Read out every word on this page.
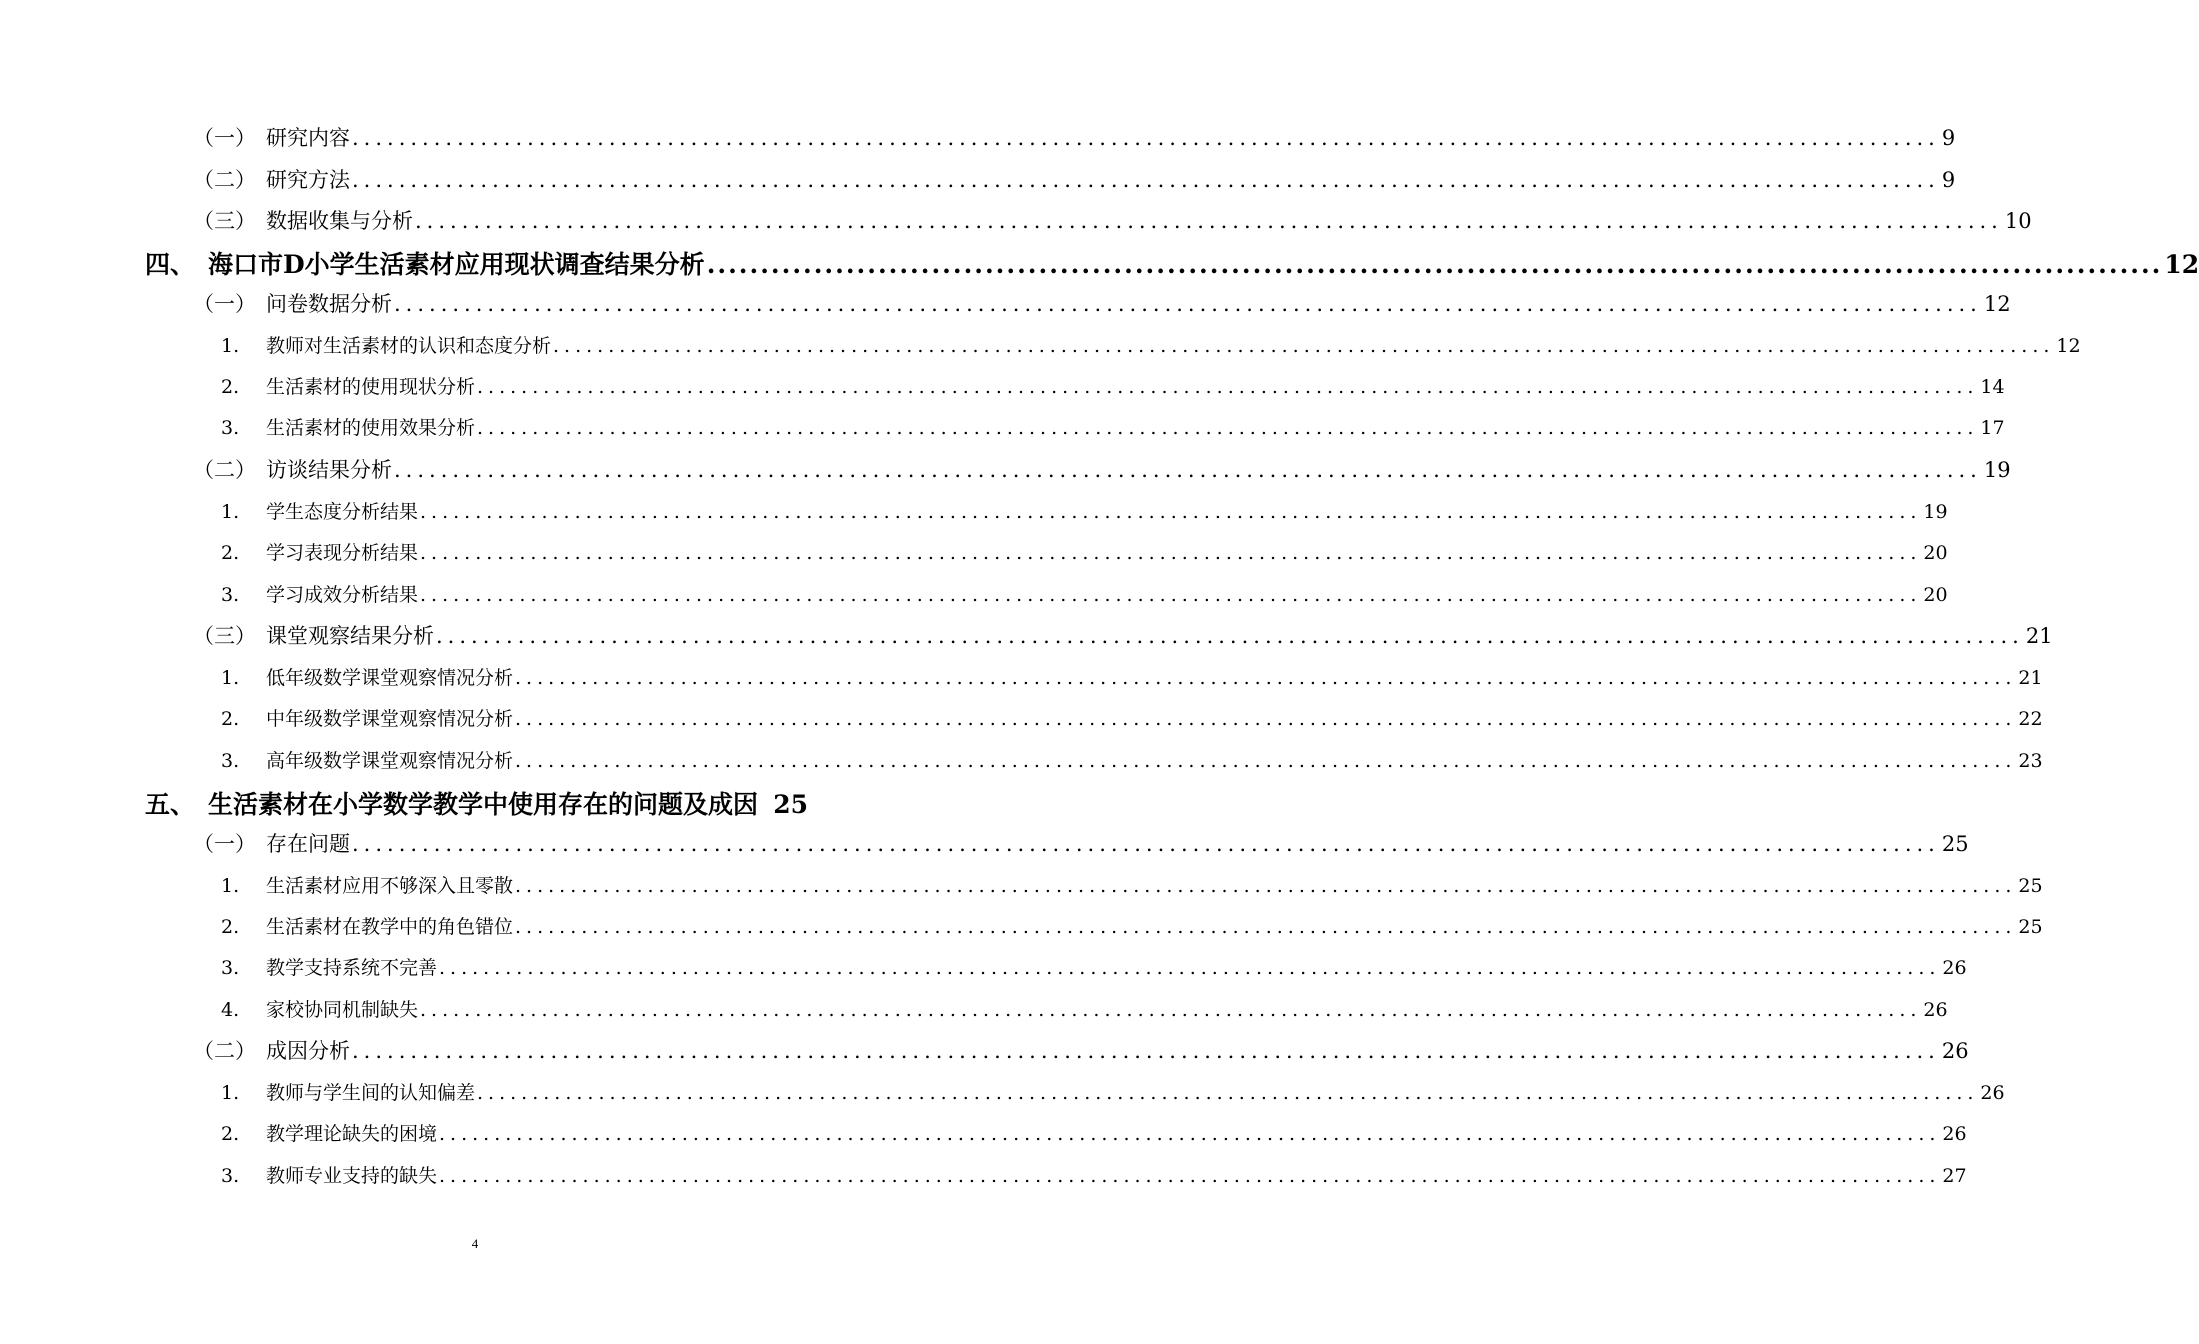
（一） 研究内容 ........................................................................................................................................ 9
（二） 研究方法 ........................................................................................................................................ 9
（三） 数据收集与分析 ........................................................................................................................................ 10
四、 海口市D小学生活素材应用现状调查结果分析 ........................................................................................................................................ 12
（一） 问卷数据分析 ........................................................................................................................................ 12
1.	教师对生活素材的认识和态度分析 ........................................................................................................................................ 12
2.	生活素材的使用现状分析 ........................................................................................................................................ 14
3.	生活素材的使用效果分析 ........................................................................................................................................ 17
（二） 访谈结果分析 ........................................................................................................................................ 19
1.	学生态度分析结果 ........................................................................................................................................ 19
2.	学习表现分析结果 ........................................................................................................................................ 20
3.	学习成效分析结果 ........................................................................................................................................ 20
（三） 课堂观察结果分析 ........................................................................................................................................ 21
1.	低年级数学课堂观察情况分析 ........................................................................................................................................ 21
2.	中年级数学课堂观察情况分析 ........................................................................................................................................ 22
3.	高年级数学课堂观察情况分析 ........................................................................................................................................ 23
五、 生活素材在小学数学教学中使用存在的问题及成因 25
（一） 存在问题 ........................................................................................................................................ 25
1.	生活素材应用不够深入且零散 ........................................................................................................................................ 25
2.	生活素材在教学中的角色错位 ........................................................................................................................................ 25
3.	教学支持系统不完善 ........................................................................................................................................ 26
4.	家校协同机制缺失 ........................................................................................................................................ 26
（二） 成因分析 ........................................................................................................................................ 26
1.	教师与学生间的认知偏差 ........................................................................................................................................ 26
2.	教学理论缺失的困境 ........................................................................................................................................ 26
3.	教师专业支持的缺失 ........................................................................................................................................ 27
4
